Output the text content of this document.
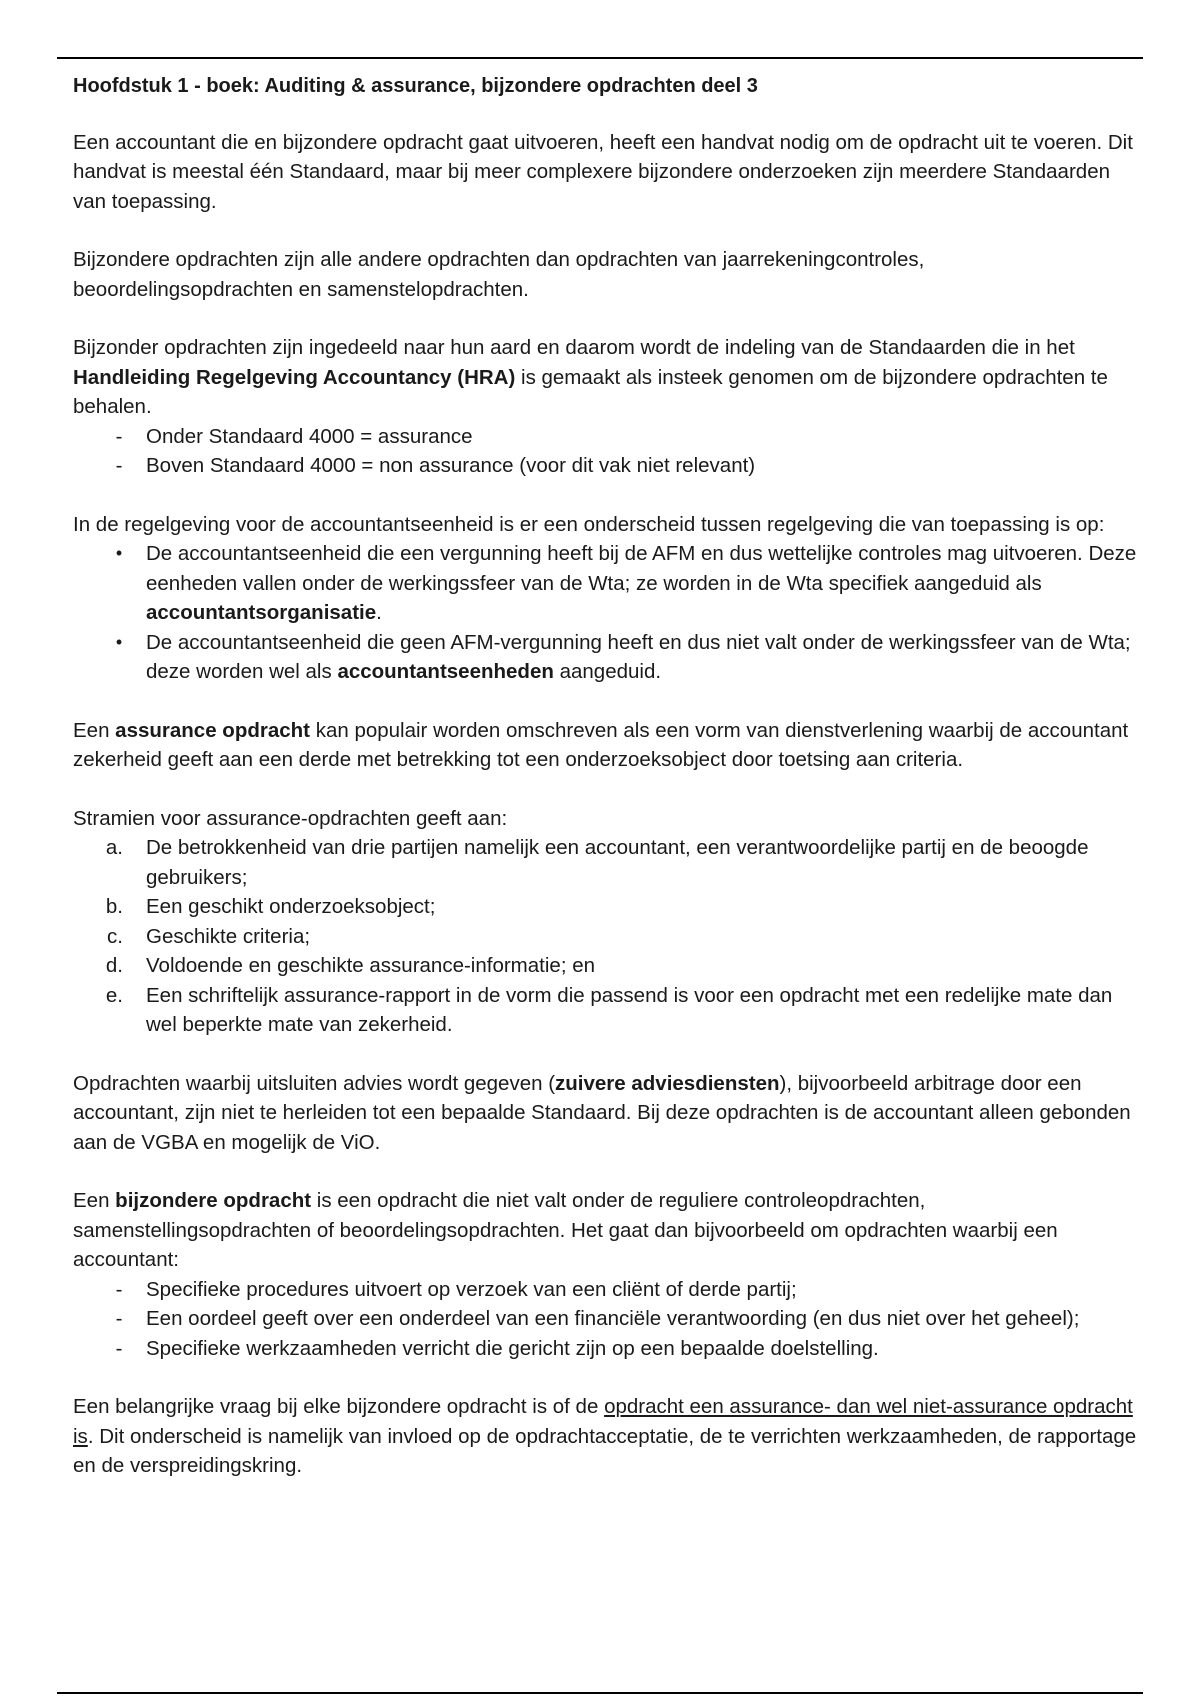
Hoofdstuk 1 - boek: Auditing & assurance, bijzondere opdrachten deel 3

Een accountant die en bijzondere opdracht gaat uitvoeren, heeft een handvat nodig om de opdracht uit te voeren. Dit handvat is meestal één Standaard, maar bij meer complexere bijzondere onderzoeken zijn meerdere Standaarden van toepassing.

Bijzondere opdrachten zijn alle andere opdrachten dan opdrachten van jaarrekeningcontroles, beoordelingsopdrachten en samenstelopdrachten.

Bijzonder opdrachten zijn ingedeeld naar hun aard en daarom wordt de indeling van de Standaarden die in het Handleiding Regelgeving Accountancy (HRA) is gemaakt als insteek genomen om de bijzondere opdrachten te behalen.

-	Onder Standaard 4000 = assurance
-	Boven Standaard 4000 = non assurance (voor dit vak niet relevant)

In de regelgeving voor de accountantseenheid is er een onderscheid tussen regelgeving die van toepassing is op:

•	De accountantseenheid die een vergunning heeft bij de AFM en dus wettelijke controles mag uitvoeren. Deze eenheden vallen onder de werkingssfeer van de Wta; ze worden in de Wta specifiek aangeduid als accountantsorganisatie.

•	De accountantseenheid die geen AFM-vergunning heeft en dus niet valt onder de werkingssfeer van de Wta; deze worden wel als accountantseenheden aangeduid.

Een assurance opdracht kan populair worden omschreven als een vorm van dienstverlening waarbij de accountant zekerheid geeft aan een derde met betrekking tot een onderzoeksobject door toetsing aan criteria.

Stramien voor assurance-opdrachten geeft aan:

a. De betrokkenheid van drie partijen namelijk een accountant, een verantwoordelijke partij en de beoogde gebruikers;
b. Een geschikt onderzoeksobject;
c. Geschikte criteria;
d. Voldoende en geschikte assurance-informatie; en
e. Een schriftelijk assurance-rapport in de vorm die passend is voor een opdracht met een redelijke mate dan wel beperkte mate van zekerheid.

Opdrachten waarbij uitsluiten advies wordt gegeven (zuivere adviesdiensten), bijvoorbeeld arbitrage door een accountant, zijn niet te herleiden tot een bepaalde Standaard. Bij deze opdrachten is de accountant alleen gebonden aan de VGBA en mogelijk de ViO.

Een bijzondere opdracht is een opdracht die niet valt onder de reguliere controleopdrachten, samenstellingsopdrachten of beoordelingsopdrachten. Het gaat dan bijvoorbeeld om opdrachten waarbij een accountant:

-	Specifieke procedures uitvoert op verzoek van een cliënt of derde partij;
-	Een oordeel geeft over een onderdeel van een financiële verantwoording (en dus niet over het geheel);
-	Specifieke werkzaamheden verricht die gericht zijn op een bepaalde doelstelling.

Een belangrijke vraag bij elke bijzondere opdracht is of de opdracht een assurance- dan wel niet-assurance opdracht is. Dit onderscheid is namelijk van invloed op de opdrachtacceptatie, de te verrichten werkzaamheden, de rapportage en de verspreidingskring.
